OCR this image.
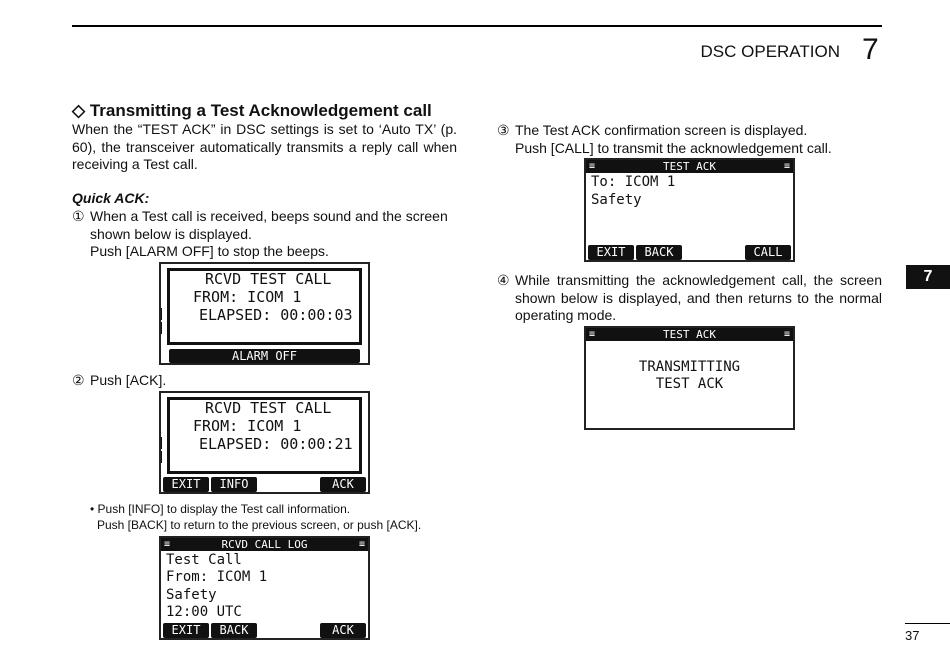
DSC OPERATION 7
7
37
◇ Transmitting a Test Acknowledgement call
When the “TEST ACK” in DSC settings is set to ‘Auto TX’ (p. 60), the transceiver automatically transmits a reply call when receiving a Test call.
Quick ACK:
① When a Test call is received, beeps sound and the screen shown below is displayed.
Push [ALARM OFF] to stop the beeps.
RCVD TEST CALL
FROM: ICOM 1
ELAPSED: 00:00:03
ALARM OFF
② Push [ACK].
RCVD TEST CALL
FROM: ICOM 1
ELAPSED: 00:00:21
EXIT	INFO	ACK
• Push [INFO] to display the Test call information.
Push [BACK] to return to the previous screen, or push [ACK].
≡	RCVD CALL LOG	≡
Test Call
From: ICOM 1
Safety
12:00 UTC
EXIT	BACK	ACK
③ The Test ACK confirmation screen is displayed.
Push [CALL] to transmit the acknowledgement call.
≡	TEST ACK	≡
To: ICOM 1
Safety
EXIT	BACK	CALL
④ While transmitting the acknowledgement call, the screen shown below is displayed, and then returns to the normal operating mode.
≡	TEST ACK	≡
TRANSMITTING
TEST ACK
